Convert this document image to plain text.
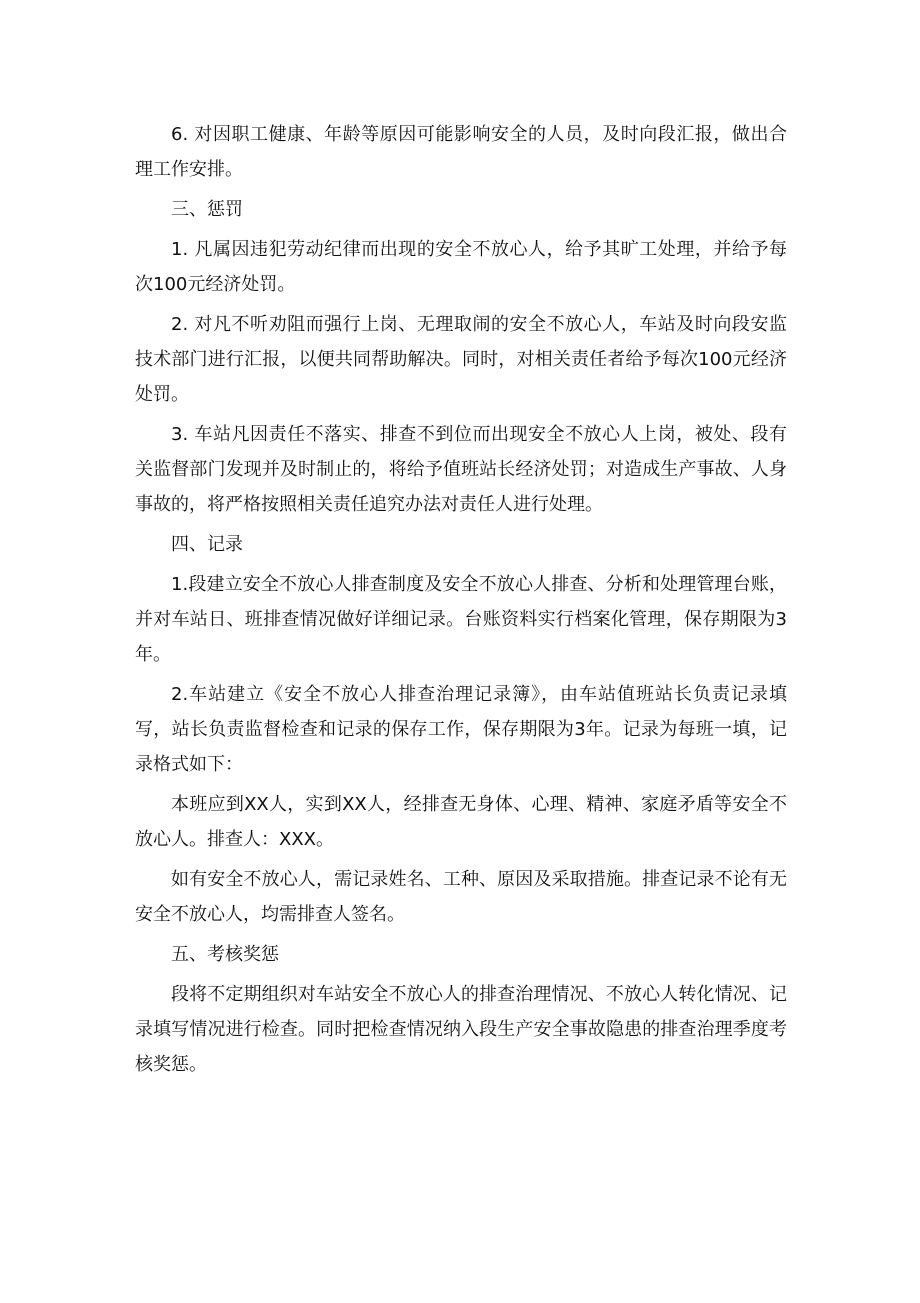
6. 对因职工健康、年龄等原因可能影响安全的人员，及时向段汇报，做出合理工作安排。

三、惩罚

1. 凡属因违犯劳动纪律而出现的安全不放心人，给予其旷工处理，并给予每次100元经济处罚。

2. 对凡不听劝阻而强行上岗、无理取闹的安全不放心人，车站及时向段安监技术部门进行汇报，以便共同帮助解决。同时，对相关责任者给予每次100元经济处罚。

3. 车站凡因责任不落实、排查不到位而出现安全不放心人上岗，被处、段有关监督部门发现并及时制止的，将给予值班站长经济处罚；对造成生产事故、人身事故的，将严格按照相关责任追究办法对责任人进行处理。

四、记录

1.段建立安全不放心人排查制度及安全不放心人排查、分析和处理管理台账，并对车站日、班排查情况做好详细记录。台账资料实行档案化管理，保存期限为3年。

2.车站建立《安全不放心人排查治理记录簿》，由车站值班站长负责记录填写，站长负责监督检查和记录的保存工作，保存期限为3年。记录为每班一填，记录格式如下：

本班应到XX人，实到XX人，经排查无身体、心理、精神、家庭矛盾等安全不放心人。排查人：XXX。

如有安全不放心人，需记录姓名、工种、原因及采取措施。排查记录不论有无安全不放心人，均需排查人签名。

五、考核奖惩

段将不定期组织对车站安全不放心人的排查治理情况、不放心人转化情况、记录填写情况进行检查。同时把检查情况纳入段生产安全事故隐患的排查治理季度考核奖惩。
